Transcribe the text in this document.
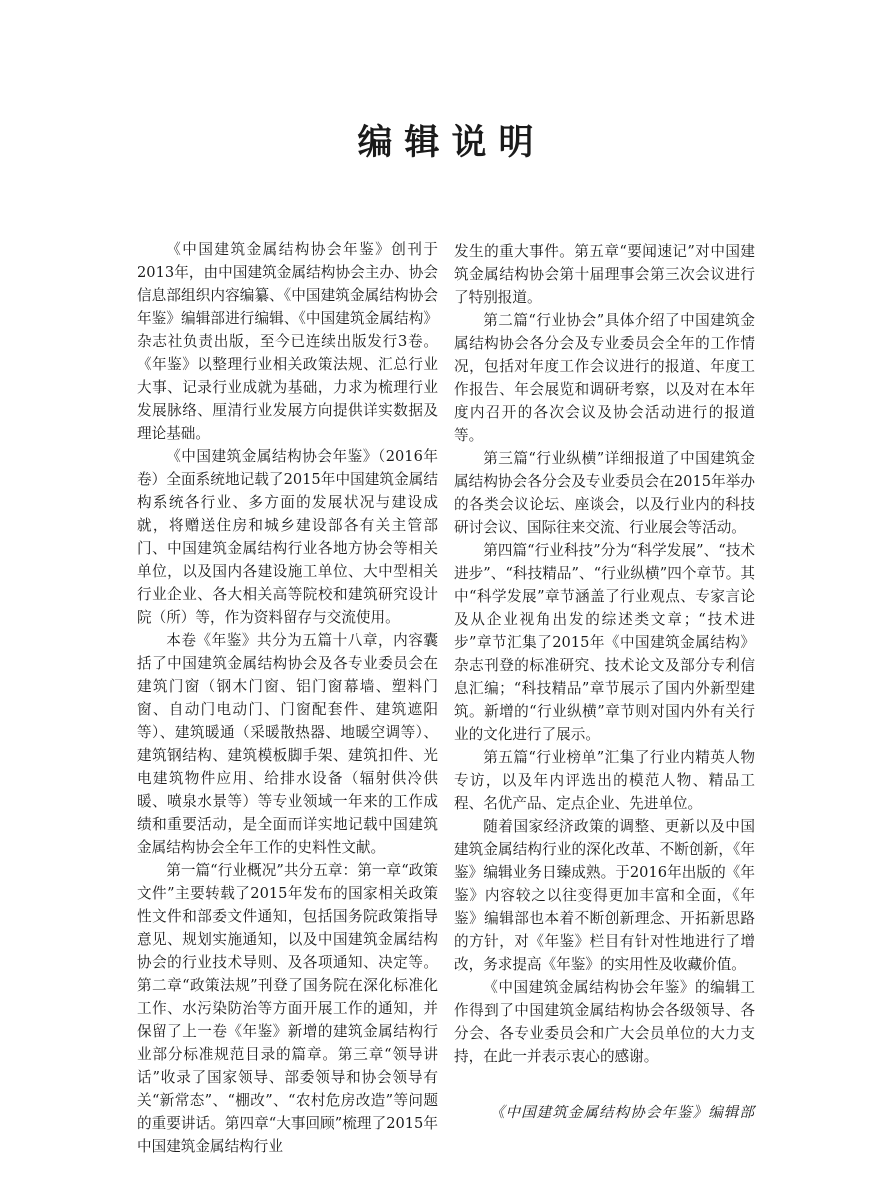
编辑说明

《中国建筑金属结构协会年鉴》创刊于2013年，由中国建筑金属结构协会主办、协会信息部组织内容编纂、《中国建筑金属结构协会年鉴》编辑部进行编辑、《中国建筑金属结构》杂志社负责出版，至今已连续出版发行3卷。《年鉴》以整理行业相关政策法规、汇总行业大事、记录行业成就为基础，力求为梳理行业发展脉络、厘清行业发展方向提供详实数据及理论基础。

《中国建筑金属结构协会年鉴》（2016年卷）全面系统地记载了2015年中国建筑金属结构系统各行业、多方面的发展状况与建设成就，将赠送住房和城乡建设部各有关主管部门、中国建筑金属结构行业各地方协会等相关单位，以及国内各建设施工单位、大中型相关行业企业、各大相关高等院校和建筑研究设计院（所）等，作为资料留存与交流使用。

本卷《年鉴》共分为五篇十八章，内容囊括了中国建筑金属结构协会及各专业委员会在建筑门窗（钢木门窗、铝门窗幕墙、塑料门窗、自动门电动门、门窗配套件、建筑遮阳等）、建筑暖通（采暖散热器、地暖空调等）、建筑钢结构、建筑模板脚手架、建筑扣件、光电建筑物件应用、给排水设备（辐射供冷供暖、喷泉水景等）等专业领域一年来的工作成绩和重要活动，是全面而详实地记载中国建筑金属结构协会全年工作的史料性文献。

第一篇“行业概况”共分五章：第一章“政策文件”主要转载了2015年发布的国家相关政策性文件和部委文件通知，包括国务院政策指导意见、规划实施通知，以及中国建筑金属结构协会的行业技术导则、及各项通知、决定等。第二章“政策法规”刊登了国务院在深化标准化工作、水污染防治等方面开展工作的通知，并保留了上一卷《年鉴》新增的建筑金属结构行业部分标准规范目录的篇章。第三章“领导讲话”收录了国家领导、部委领导和协会领导有关“新常态”、“棚改”、“农村危房改造”等问题的重要讲话。第四章“大事回顾”梳理了2015年中国建筑金属结构行业

发生的重大事件。第五章“要闻速记”对中国建筑金属结构协会第十届理事会第三次会议进行了特别报道。

第二篇“行业协会”具体介绍了中国建筑金属结构协会各分会及专业委员会全年的工作情况，包括对年度工作会议进行的报道、年度工作报告、年会展览和调研考察，以及对在本年度内召开的各次会议及协会活动进行的报道等。

第三篇“行业纵横”详细报道了中国建筑金属结构协会各分会及专业委员会在2015年举办的各类会议论坛、座谈会，以及行业内的科技研讨会议、国际往来交流、行业展会等活动。

第四篇“行业科技”分为“科学发展”、“技术进步”、“科技精品”、“行业纵横”四个章节。其中“科学发展”章节涵盖了行业观点、专家言论及从企业视角出发的综述类文章；“技术进步”章节汇集了2015年《中国建筑金属结构》杂志刊登的标准研究、技术论文及部分专利信息汇编；“科技精品”章节展示了国内外新型建筑。新增的“行业纵横”章节则对国内外有关行业的文化进行了展示。

第五篇“行业榜单”汇集了行业内精英人物专访，以及年内评选出的模范人物、精品工程、名优产品、定点企业、先进单位。

随着国家经济政策的调整、更新以及中国建筑金属结构行业的深化改革、不断创新，《年鉴》编辑业务日臻成熟。于2016年出版的《年鉴》内容较之以往变得更加丰富和全面，《年鉴》编辑部也本着不断创新理念、开拓新思路的方针，对《年鉴》栏目有针对性地进行了增改，务求提高《年鉴》的实用性及收藏价值。

《中国建筑金属结构协会年鉴》的编辑工作得到了中国建筑金属结构协会各级领导、各分会、各专业委员会和广大会员单位的大力支持，在此一并表示衷心的感谢。

《中国建筑金属结构协会年鉴》编辑部
